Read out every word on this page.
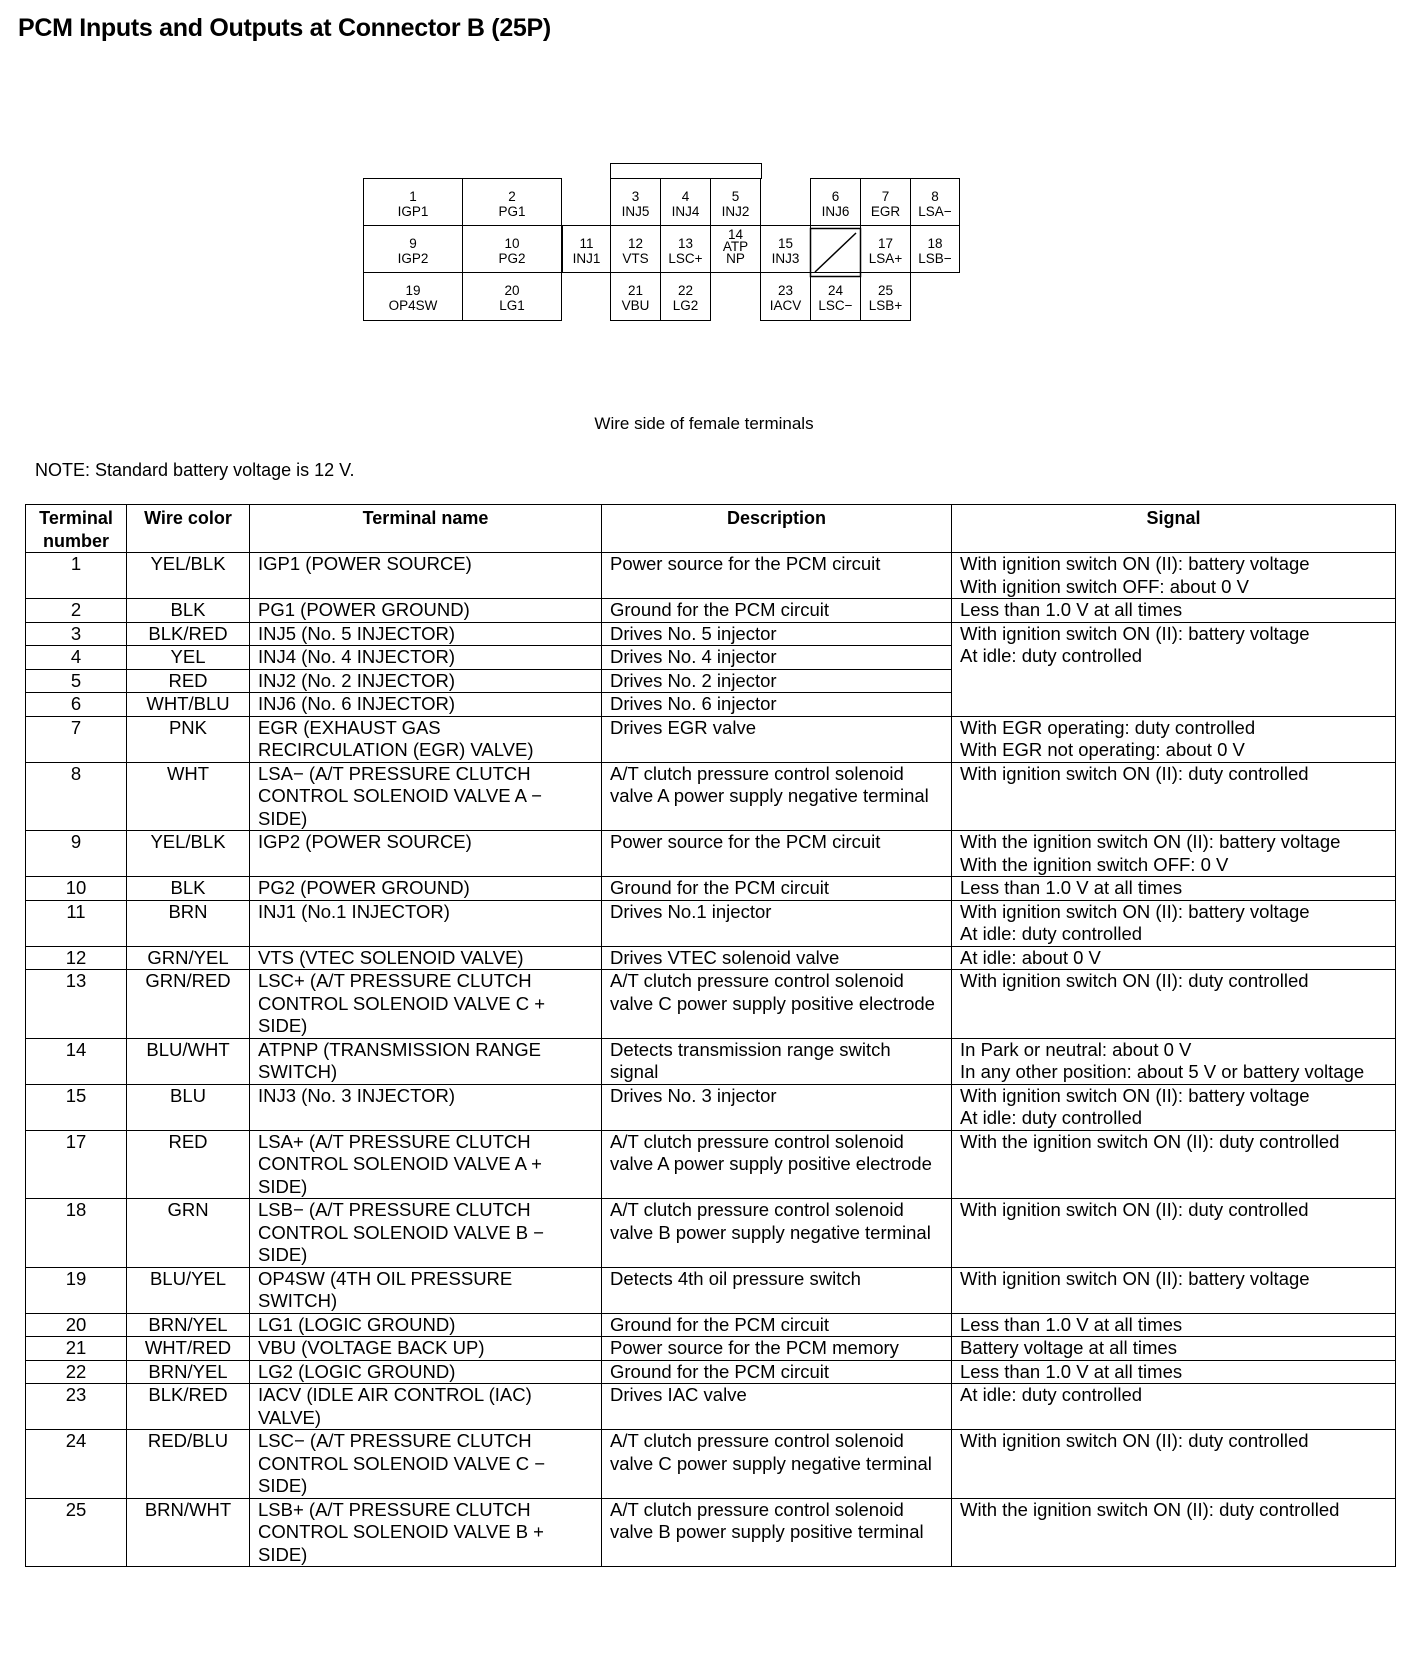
PCM Inputs and Outputs at Connector B (25P)
1
IGP1
2
PG1
3
INJ5
4
INJ4
5
INJ2
6
INJ6
7
EGR
8
LSA−
9
IGP2
10
PG2
11
INJ1
12
VTS
13
LSC+
14
ATP NP
15
INJ3
17
LSA+
18
LSB−
19
OP4SW
20
LG1
21
VBU
22
LG2
23
IACV
24
LSC−
25
LSB+
Wire side of female terminals
NOTE: Standard battery voltage is 12 V.
Terminal number	Wire color	Terminal name	Description	Signal
1	YEL/BLK	IGP1 (POWER SOURCE)	Power source for the PCM circuit	With ignition switch ON (II): battery voltage
With ignition switch OFF: about 0 V
2	BLK	PG1 (POWER GROUND)	Ground for the PCM circuit	Less than 1.0 V at all times
3	BLK/RED	INJ5 (No. 5 INJECTOR)	Drives No. 5 injector	With ignition switch ON (II): battery voltage
At idle: duty controlled
4	YEL	INJ4 (No. 4 INJECTOR)	Drives No. 4 injector	
5	RED	INJ2 (No. 2 INJECTOR)	Drives No. 2 injector	
6	WHT/BLU	INJ6 (No. 6 INJECTOR)	Drives No. 6 injector	
7	PNK	EGR (EXHAUST GAS RECIRCULATION (EGR) VALVE)	Drives EGR valve	With EGR operating: duty controlled
With EGR not operating: about 0 V
8	WHT	LSA− (A/T PRESSURE CLUTCH CONTROL SOLENOID VALVE A − SIDE)	A/T clutch pressure control solenoid valve A power supply negative terminal	With ignition switch ON (II): duty controlled
9	YEL/BLK	IGP2 (POWER SOURCE)	Power source for the PCM circuit	With the ignition switch ON (II): battery voltage
With the ignition switch OFF: 0 V
10	BLK	PG2 (POWER GROUND)	Ground for the PCM circuit	Less than 1.0 V at all times
11	BRN	INJ1 (No.1 INJECTOR)	Drives No.1 injector	With ignition switch ON (II): battery voltage
At idle: duty controlled
12	GRN/YEL	VTS (VTEC SOLENOID VALVE)	Drives VTEC solenoid valve	At idle: about 0 V
13	GRN/RED	LSC+ (A/T PRESSURE CLUTCH CONTROL SOLENOID VALVE C + SIDE)	A/T clutch pressure control solenoid valve C power supply positive electrode	With ignition switch ON (II): duty controlled
14	BLU/WHT	ATPNP (TRANSMISSION RANGE SWITCH)	Detects transmission range switch signal	In Park or neutral: about 0 V
In any other position: about 5 V or battery voltage
15	BLU	INJ3 (No. 3 INJECTOR)	Drives No. 3 injector	With ignition switch ON (II): battery voltage
At idle: duty controlled
17	RED	LSA+ (A/T PRESSURE CLUTCH CONTROL SOLENOID VALVE A + SIDE)	A/T clutch pressure control solenoid valve A power supply positive electrode	With the ignition switch ON (II): duty controlled
18	GRN	LSB− (A/T PRESSURE CLUTCH CONTROL SOLENOID VALVE B − SIDE)	A/T clutch pressure control solenoid valve B power supply negative terminal	With ignition switch ON (II): duty controlled
19	BLU/YEL	OP4SW (4TH OIL PRESSURE SWITCH)	Detects 4th oil pressure switch	With ignition switch ON (II): battery voltage
20	BRN/YEL	LG1 (LOGIC GROUND)	Ground for the PCM circuit	Less than 1.0 V at all times
21	WHT/RED	VBU (VOLTAGE BACK UP)	Power source for the PCM memory	Battery voltage at all times
22	BRN/YEL	LG2 (LOGIC GROUND)	Ground for the PCM circuit	Less than 1.0 V at all times
23	BLK/RED	IACV (IDLE AIR CONTROL (IAC) VALVE)	Drives IAC valve	At idle: duty controlled
24	RED/BLU	LSC− (A/T PRESSURE CLUTCH CONTROL SOLENOID VALVE C − SIDE)	A/T clutch pressure control solenoid valve C power supply negative terminal	With ignition switch ON (II): duty controlled
25	BRN/WHT	LSB+ (A/T PRESSURE CLUTCH CONTROL SOLENOID VALVE B + SIDE)	A/T clutch pressure control solenoid valve B power supply positive terminal	With the ignition switch ON (II): duty controlled
